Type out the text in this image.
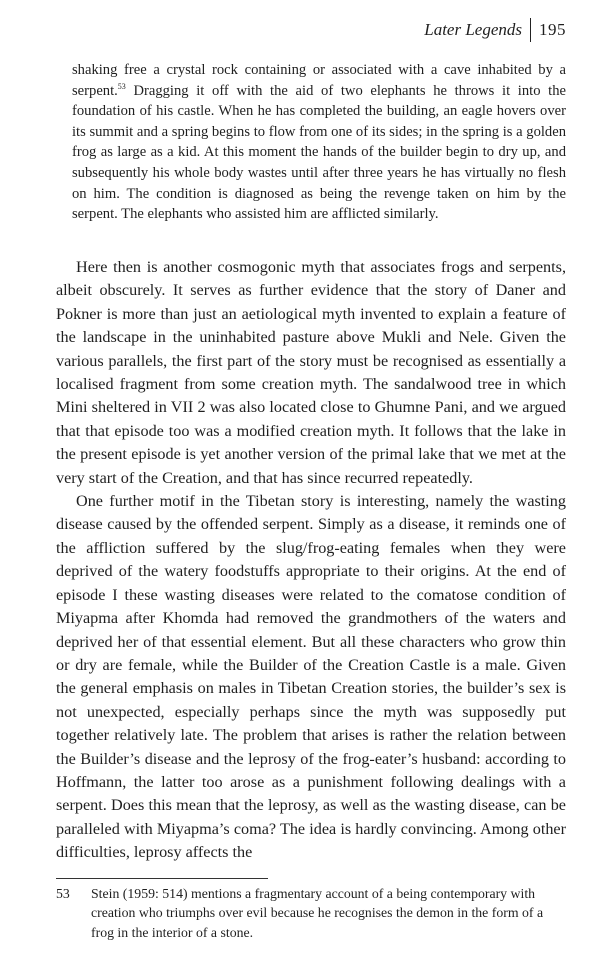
Later Legends 195
shaking free a crystal rock containing or associated with a cave inhabited by a serpent.$^{53}$ Dragging it off with the aid of two elephants he throws it into the foundation of his castle. When he has completed the building, an eagle hovers over its summit and a spring begins to flow from one of its sides; in the spring is a golden frog as large as a kid. At this moment the hands of the builder begin to dry up, and subsequently his whole body wastes until after three years he has virtually no flesh on him. The condition is diagnosed as being the revenge taken on him by the serpent. The elephants who assisted him are afflicted similarly.

Here then is another cosmogonic myth that associates frogs and serpents, albeit obscurely. It serves as further evidence that the story of Daner and Pokner is more than just an aetiological myth invented to explain a feature of the landscape in the uninhabited pasture above Mukli and Nele. Given the various parallels, the first part of the story must be recognised as essentially a localised fragment from some creation myth. The sandalwood tree in which Mini sheltered in VII 2 was also located close to Ghumne Pani, and we argued that that episode too was a modified creation myth. It follows that the lake in the present episode is yet another version of the primal lake that we met at the very start of the Creation, and that has since recurred repeatedly.

One further motif in the Tibetan story is interesting, namely the wasting disease caused by the offended serpent. Simply as a disease, it reminds one of the affliction suffered by the slug/frog-eating females when they were deprived of the watery foodstuffs appropriate to their origins. At the end of episode I these wasting diseases were related to the comatose condition of Miyapma after Khomda had removed the grandmothers of the waters and deprived her of that essential element. But all these characters who grow thin or dry are female, while the Builder of the Creation Castle is a male. Given the general emphasis on males in Tibetan Creation stories, the builder’s sex is not unexpected, especially perhaps since the myth was supposedly put together relatively late. The problem that arises is rather the relation between the Builder’s disease and the leprosy of the frog-eater’s husband: according to Hoffmann, the latter too arose as a punishment following dealings with a serpent. Does this mean that the leprosy, as well as the wasting disease, can be paralleled with Miyapma’s coma? The idea is hardly convincing. Among other difficulties, leprosy affects the

53	Stein (1959: 514) mentions a fragmentary account of a being contemporary with creation who triumphs over evil because he recognises the demon in the form of a frog in the interior of a stone.
